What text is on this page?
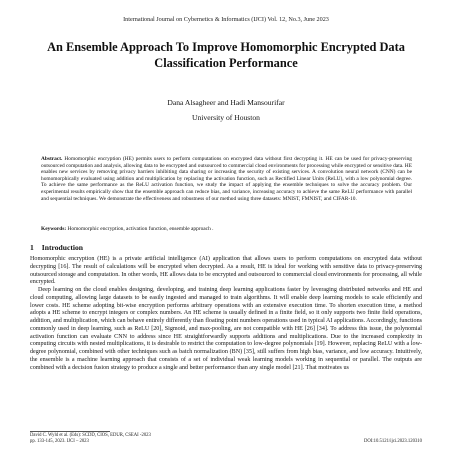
International Journal on Cybernetics & Informatics (IJCI) Vol. 12, No.3, June 2023
An Ensemble Approach To Improve Homomorphic Encrypted Data Classification Performance
Dana Alsagheer and Hadi Mansourifar
University of Houston
Abstract. Homomorphic encryption (HE) permits users to perform computations on encrypted data without first decrypting it. HE can be used for privacy-preserving outsourced computation and analysis, allowing data to be encrypted and outsourced to commercial cloud environments for processing while encrypted or sensitive data. HE enables new services by removing privacy barriers inhibiting data sharing or increasing the security of existing services. A convolution neural network (CNN) can be homomorphically evaluated using addition and multiplication by replacing the activation function, such as Rectified Linear Units (ReLU), with a low polynomial degree. To achieve the same performance as the ReLU activation function, we study the impact of applying the ensemble techniques to solve the accuracy problem. Our experimental results empirically show that the ensemble approach can reduce bias, and variance, increasing accuracy to achieve the same ReLU performance with parallel and sequential techniques. We demonstrate the effectiveness and robustness of our method using three datasets: MNIST, FMNIST, and CIFAR-10.
Keywords: Homomorphic encryption, activation function, ensemble approach .
1 Introduction

Homomorphic encryption (HE) is a private artificial intelligence (AI) application that allows users to perform computations on encrypted data without decrypting [16]. The result of calculations will be encrypted when decrypted. As a result, HE is ideal for working with sensitive data to privacy-preserving outsourced storage and computation. In other words, HE allows data to be encrypted and outsourced to commercial cloud environments for processing, all while encrypted.

Deep learning on the cloud enables designing, developing, and training deep learning applications faster by leveraging distributed networks and HE and cloud computing, allowing large datasets to be easily ingested and managed to train algorithms. It will enable deep learning models to scale efficiently and lower costs. HE scheme adopting bit-wise encryption performs arbitrary operations with an extensive execution time. To shorten execution time, a method adopts a HE scheme to encrypt integers or complex numbers. An HE scheme is usually defined in a finite field, so it only supports two finite field operations, addition, and multiplication, which can behave entirely differently than floating point numbers operations used in typical AI applications. Accordingly, functions commonly used in deep learning, such as ReLU [20], Sigmoid, and max-pooling, are not compatible with HE [26] [34]. To address this issue, the polynomial activation function can evaluate CNN to address since HE straightforwardly supports additions and multiplications. Due to the increased complexity in computing circuits with nested multiplications, it is desirable to restrict the computation to low-degree polynomials [19]. However, replacing ReLU with a low-degree polynomial, combined with other techniques such as batch normalization (BN) [35], still suffers from high bias, variance, and low accuracy. Intuitively, the ensemble is a machine learning approach that consists of a set of individual weak learning models working in sequential or parallel. The outputs are combined with a decision fusion strategy to produce a single and better performance than any single model [21]. That motivates us

David C. Wyld et al. (Eds): SCDD, CIOS, EDUR, CSEAI -2023
pp. 133-145, 2023. IJCI – 2023	DOI:10.5121/ijci.2023.120310
